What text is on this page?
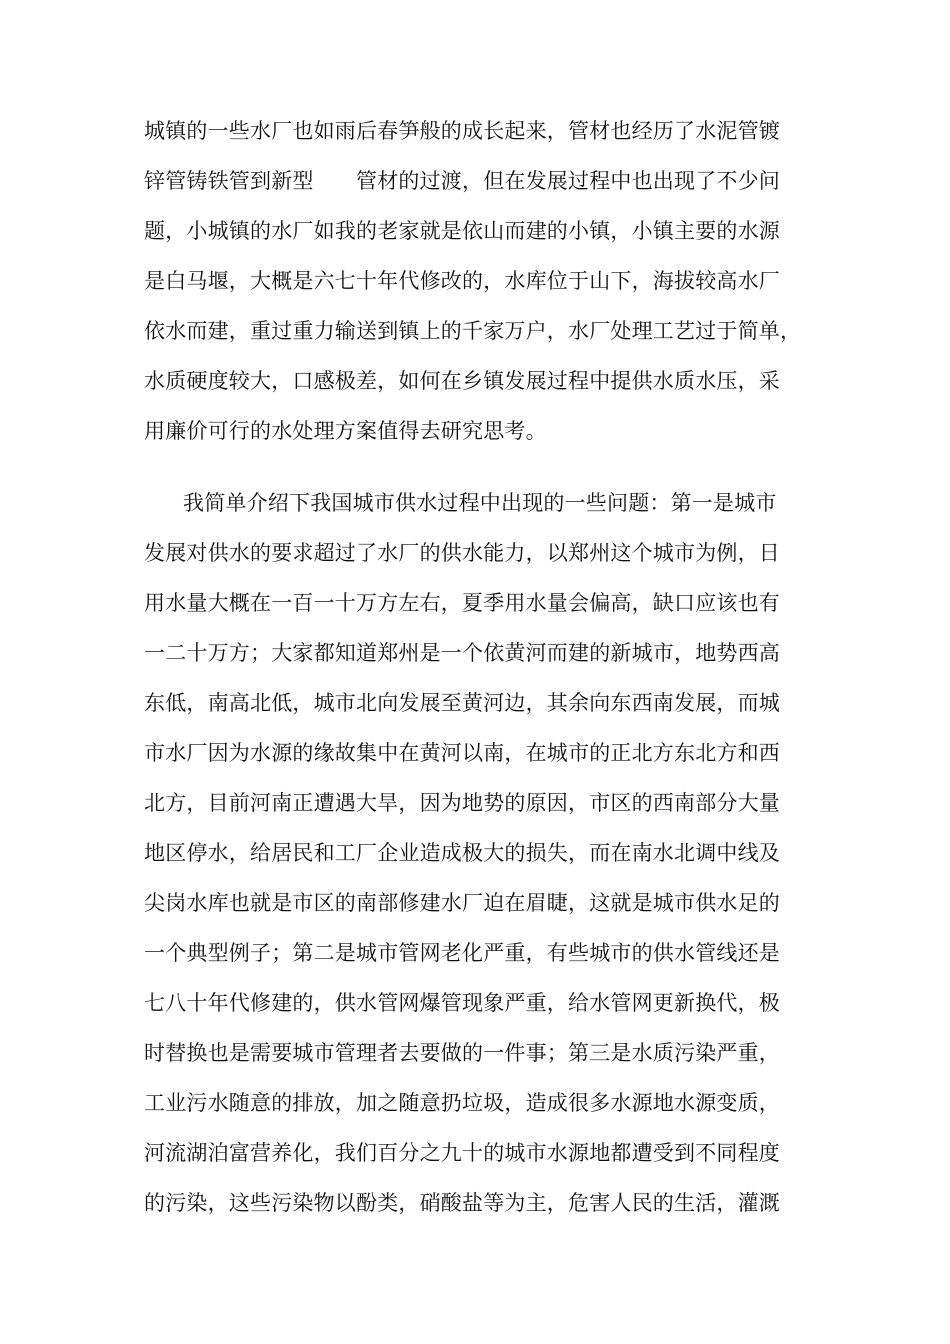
城镇的一些水厂也如雨后春笋般的成长起来，管材也经历了水泥管镀
锌管铸铁管到新型　　管材的过渡，但在发展过程中也出现了不少问
题，小城镇的水厂如我的老家就是依山而建的小镇，小镇主要的水源
是白马堰，大概是六七十年代修改的，水库位于山下，海拔较高水厂
依水而建，重过重力输送到镇上的千家万户，水厂处理工艺过于简单，
水质硬度较大，口感极差，如何在乡镇发展过程中提供水质水压，采
用廉价可行的水处理方案值得去研究思考。
我简单介绍下我国城市供水过程中出现的一些问题：第一是城市
发展对供水的要求超过了水厂的供水能力，以郑州这个城市为例，日
用水量大概在一百一十万方左右，夏季用水量会偏高，缺口应该也有
一二十万方；大家都知道郑州是一个依黄河而建的新城市，地势西高
东低，南高北低，城市北向发展至黄河边，其余向东西南发展，而城
市水厂因为水源的缘故集中在黄河以南，在城市的正北方东北方和西
北方，目前河南正遭遇大旱，因为地势的原因，市区的西南部分大量
地区停水，给居民和工厂企业造成极大的损失，而在南水北调中线及
尖岗水库也就是市区的南部修建水厂迫在眉睫，这就是城市供水足的
一个典型例子；第二是城市管网老化严重，有些城市的供水管线还是
七八十年代修建的，供水管网爆管现象严重，给水管网更新换代，极
时替换也是需要城市管理者去要做的一件事；第三是水质污染严重，
工业污水随意的排放，加之随意扔垃圾，造成很多水源地水源变质，
河流湖泊富营养化，我们百分之九十的城市水源地都遭受到不同程度
的污染，这些污染物以酚类，硝酸盐等为主，危害人民的生活，灌溉
